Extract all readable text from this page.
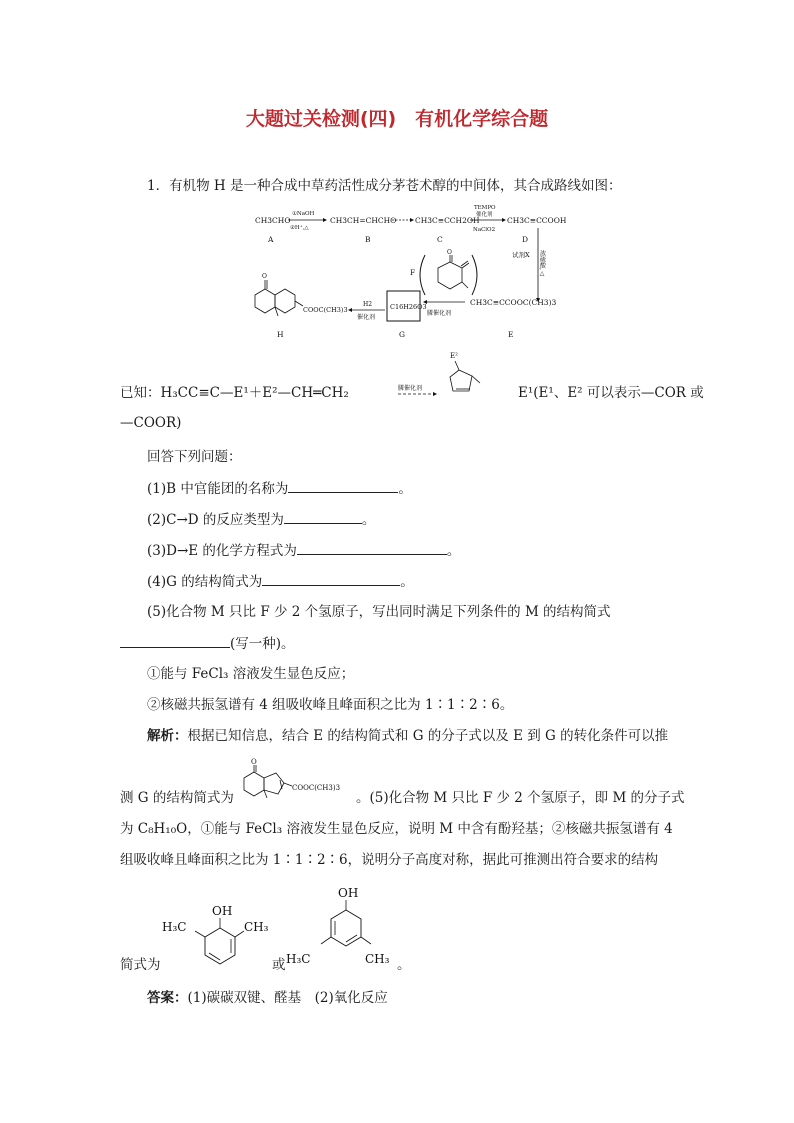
大题过关检测(四)　有机化学综合题
1．有机物 H 是一种合成中草药活性成分茅苍术醇的中间体，其合成路线如图：
CH3CHO
A
①NaOH
②H⁺,△
CH3CH=CHCHO
B
CH3C≡CCH2OH
C
TEMPO
催化剂
NaClO2
CH3C≡CCOOH
D
试剂X 浓硫酸,△
F
O
CH3C≡CCOOC(CH3)3
E
膦催化剂
C16H26O3
G
H2
催化剂
O
COOC(CH3)3
H
已知：H₃CC≡C—E¹＋E²—CH═CH₂	膦催化剂
E²
E¹(E¹、E² 可以表示—COR 或
—COOR)
回答下列问题：
(1)B 中官能团的名称为	。
(2)C→D 的反应类型为	。
(3)D→E 的化学方程式为	。
(4)G 的结构简式为	。
(5)化合物 M 只比 F 少 2 个氢原子，写出同时满足下列条件的 M 的结构简式
(写一种)。
①能与 FeCl₃ 溶液发生显色反应；
②核磁共振氢谱有 4 组吸收峰且峰面积之比为 1∶1∶2∶6。
解析：根据已知信息，结合 E 的结构简式和 G 的分子式以及 E 到 G 的转化条件可以推
测 G 的结构简式为
O
COOC(CH3)3
。(5)化合物 M 只比 F 少 2 个氢原子，即 M 的分子式
为 C₈H₁₀O，①能与 FeCl₃ 溶液发生显色反应，说明 M 中含有酚羟基；②核磁共振氢谱有 4
组吸收峰且峰面积之比为 1∶1∶2∶6，说明分子高度对称，据此可推测出符合要求的结构
简式为
OH
H₃C	CH₃
或
OH
H₃C	CH₃ 。
答案：(1)碳碳双键、醛基　(2)氧化反应
